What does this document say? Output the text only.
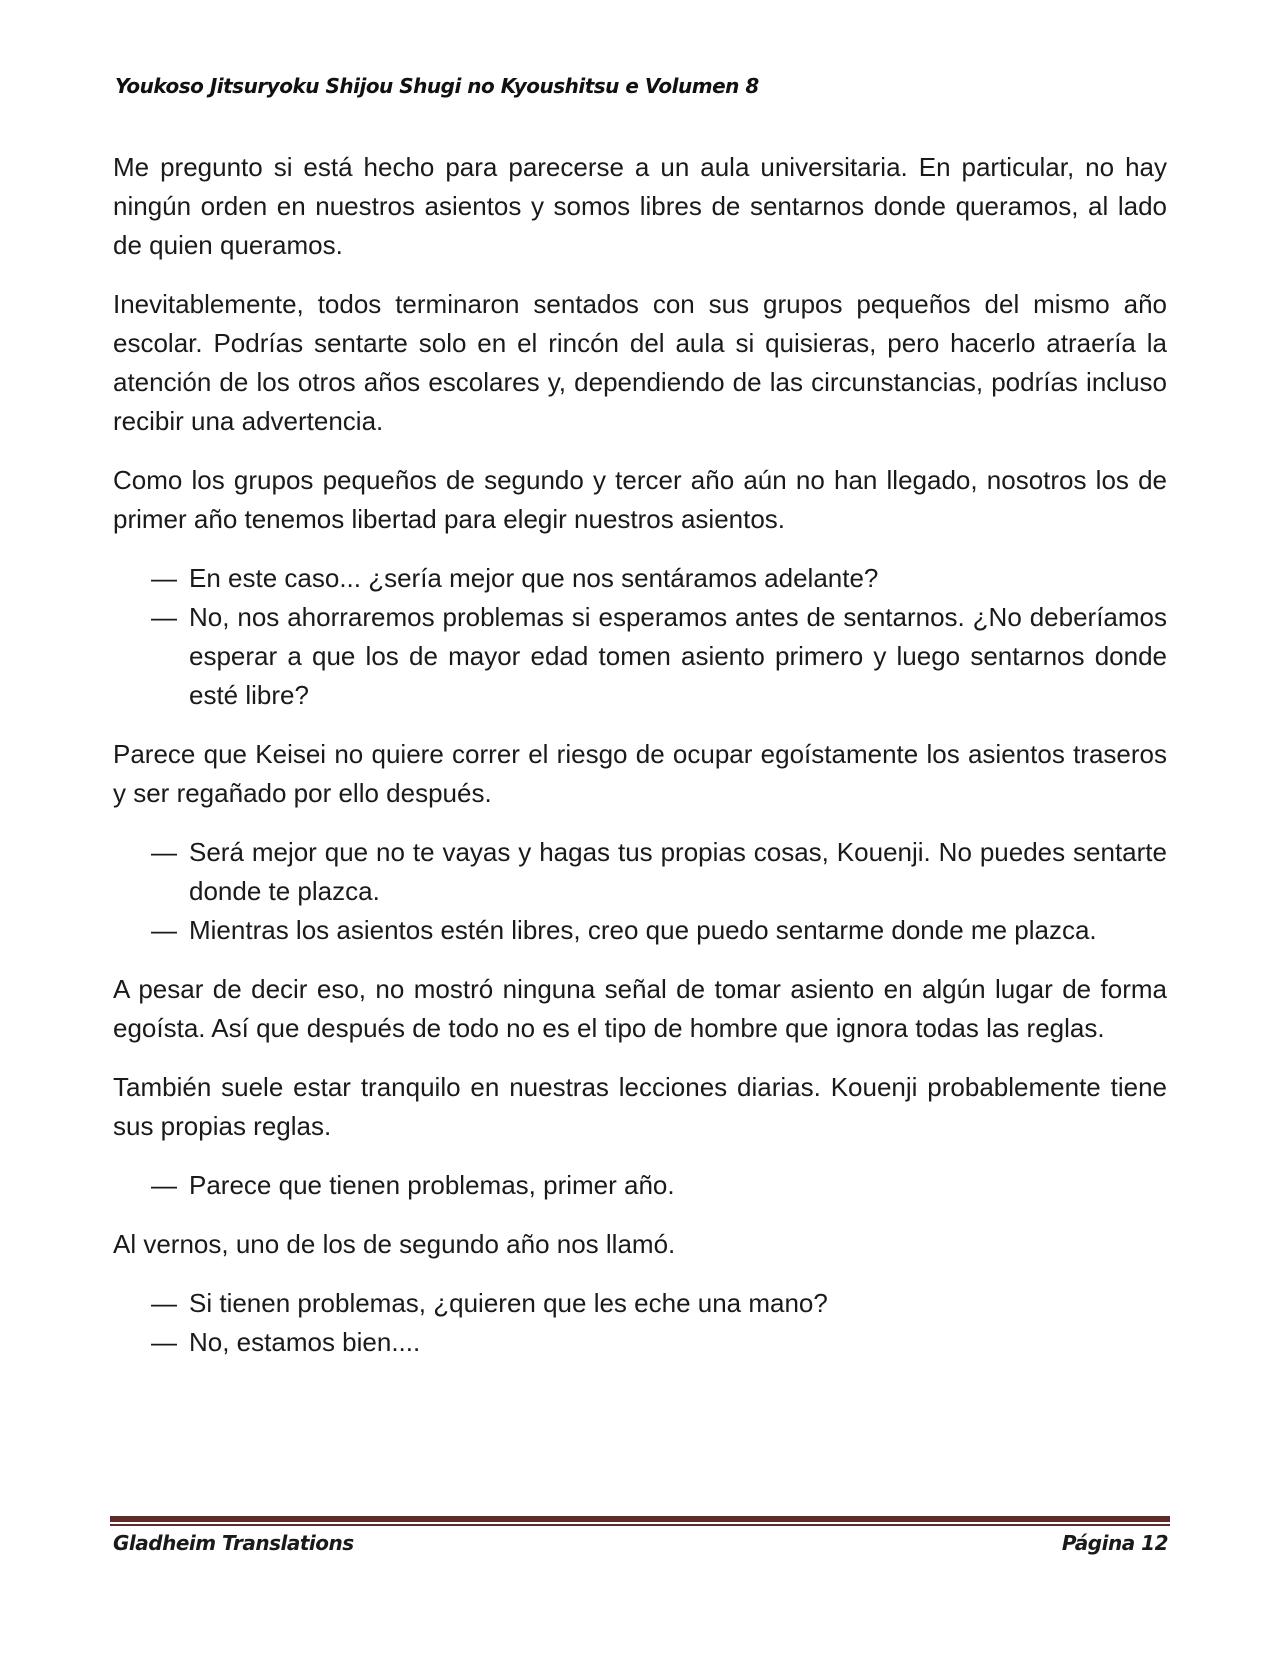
Youkoso Jitsuryoku Shijou Shugi no Kyoushitsu e Volumen 8

Me pregunto si está hecho para parecerse a un aula universitaria. En particular, no hay ningún orden en nuestros asientos y somos libres de sentarnos donde queramos, al lado de quien queramos.

Inevitablemente, todos terminaron sentados con sus grupos pequeños del mismo año escolar. Podrías sentarte solo en el rincón del aula si quisieras, pero hacerlo atraería la atención de los otros años escolares y, dependiendo de las circunstancias, podrías incluso recibir una advertencia.

Como los grupos pequeños de segundo y tercer año aún no han llegado, nosotros los de primer año tenemos libertad para elegir nuestros asientos.

— En este caso... ¿sería mejor que nos sentáramos adelante?
— No, nos ahorraremos problemas si esperamos antes de sentarnos. ¿No deberíamos esperar a que los de mayor edad tomen asiento primero y luego sentarnos donde esté libre?

Parece que Keisei no quiere correr el riesgo de ocupar egoístamente los asientos traseros y ser regañado por ello después.

— Será mejor que no te vayas y hagas tus propias cosas, Kouenji. No puedes sentarte donde te plazca.
— Mientras los asientos estén libres, creo que puedo sentarme donde me plazca.

A pesar de decir eso, no mostró ninguna señal de tomar asiento en algún lugar de forma egoísta. Así que después de todo no es el tipo de hombre que ignora todas las reglas.

También suele estar tranquilo en nuestras lecciones diarias. Kouenji probablemente tiene sus propias reglas.

— Parece que tienen problemas, primer año.

Al vernos, uno de los de segundo año nos llamó.

— Si tienen problemas, ¿quieren que les eche una mano?
— No, estamos bien....
Gladheim Translations	Página 12
